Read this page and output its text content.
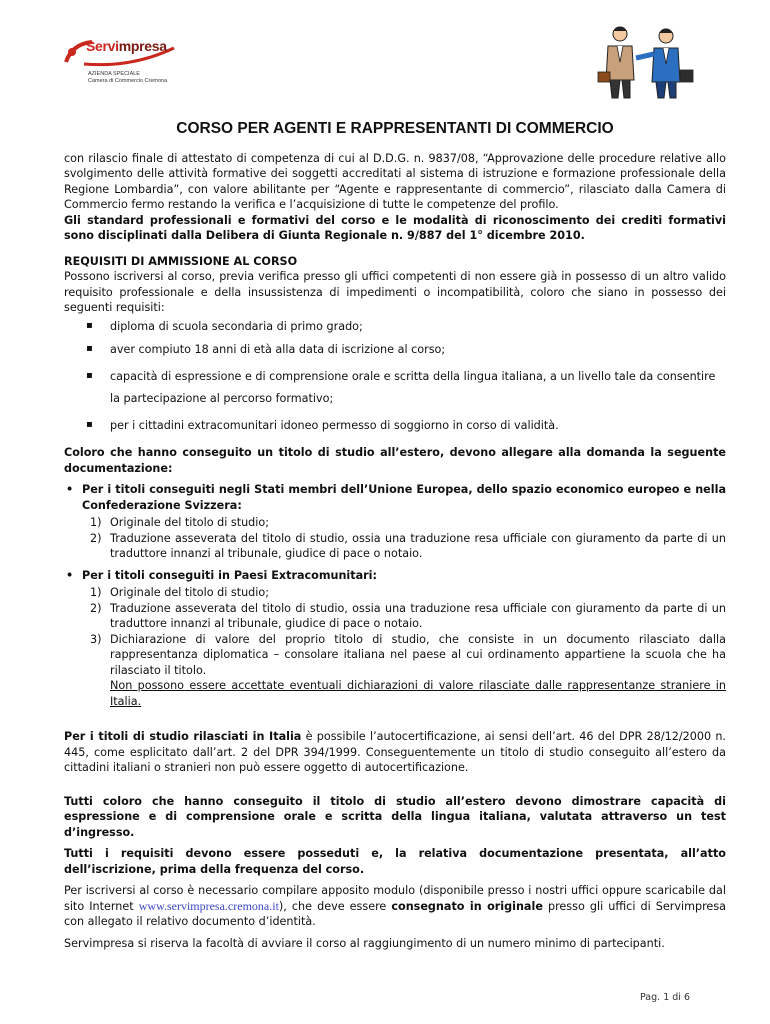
Servimpresa
AZIENDA SPECIALE
Camera di Commercio Cremona
CORSO PER AGENTI E RAPPRESENTANTI DI COMMERCIO

con rilascio finale di attestato di competenza di cui al D.D.G. n. 9837/08, “Approvazione delle procedure relative allo svolgimento delle attività formative dei soggetti accreditati al sistema di istruzione e formazione professionale della Regione Lombardia”, con valore abilitante per “Agente e rappresentante di commercio”, rilasciato dalla Camera di Commercio fermo restando la verifica e l’acquisizione di tutte le competenze del profilo.

Gli standard professionali e formativi del corso e le modalità di riconoscimento dei crediti formativi sono disciplinati dalla Delibera di Giunta Regionale n. 9/887 del 1° dicembre 2010.

REQUISITI DI AMMISSIONE AL CORSO

Possono iscriversi al corso, previa verifica presso gli uffici competenti di non essere già in possesso di un altro valido requisito professionale e della insussistenza di impedimenti o incompatibilità, coloro che siano in possesso dei seguenti requisiti:

▪ diploma di scuola secondaria di primo grado;
▪ aver compiuto 18 anni di età alla data di iscrizione al corso;
▪ capacità di espressione e di comprensione orale e scritta della lingua italiana, a un livello tale da consentire la partecipazione al percorso formativo;
▪ per i cittadini extracomunitari idoneo permesso di soggiorno in corso di validità.

Coloro che hanno conseguito un titolo di studio all’estero, devono allegare alla domanda la seguente documentazione:

• Per i titoli conseguiti negli Stati membri dell’Unione Europea, dello spazio economico europeo e nella Confederazione Svizzera:
1) Originale del titolo di studio;
2) Traduzione asseverata del titolo di studio, ossia una traduzione resa ufficiale con giuramento da parte di un traduttore innanzi al tribunale, giudice di pace o notaio.
• Per i titoli conseguiti in Paesi Extracomunitari:
1) Originale del titolo di studio;
2) Traduzione asseverata del titolo di studio, ossia una traduzione resa ufficiale con giuramento da parte di un traduttore innanzi al tribunale, giudice di pace o notaio.
3) Dichiarazione di valore del proprio titolo di studio, che consiste in un documento rilasciato dalla rappresentanza diplomatica – consolare italiana nel paese al cui ordinamento appartiene la scuola che ha rilasciato il titolo.
Non possono essere accettate eventuali dichiarazioni di valore rilasciate dalle rappresentanze straniere in Italia.

Per i titoli di studio rilasciati in Italia è possibile l’autocertificazione, ai sensi dell’art. 46 del DPR 28/12/2000 n. 445, come esplicitato dall’art. 2 del DPR 394/1999. Conseguentemente un titolo di studio conseguito all’estero da cittadini italiani o stranieri non può essere oggetto di autocertificazione.

Tutti coloro che hanno conseguito il titolo di studio all’estero devono dimostrare capacità di espressione e di comprensione orale e scritta della lingua italiana, valutata attraverso un test d’ingresso.

Tutti i requisiti devono essere posseduti e, la relativa documentazione presentata, all’atto dell’iscrizione, prima della frequenza del corso.

Per iscriversi al corso è necessario compilare apposito modulo (disponibile presso i nostri uffici oppure scaricabile dal sito Internet www.servimpresa.cremona.it), che deve essere consegnato in originale presso gli uffici di Servimpresa con allegato il relativo documento d’identità.

Servimpresa si riserva la facoltà di avviare il corso al raggiungimento di un numero minimo di partecipanti.

Pag. 1 di 6
